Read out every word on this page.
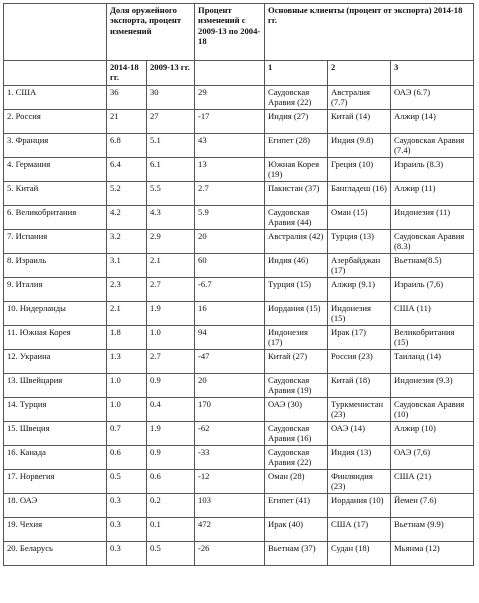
	Доля оружейного экспорта, процент изменений		Процент изменений с 2009-13 по 2004-18	Основные клиенты (процент от экспорта) 2014-18 гг.		
	2014-18 гг.	2009-13 гг.		1	2	3
1. США	36	30	29	Саудовская Аравия (22)	Австралия (7.7)	ОАЭ (6.7)
2. Россия	21	27	-17	Индия (27)	Китай (14)	Алжир (14)
3. Франция	6.8	5.1	43	Египет (28)	Индия (9.8)	Саудовская Аравия (7.4)
4. Германия	6.4	6.1	13	Южная Корея (19)	Греция (10)	Израиль (8.3)
5. Китай	5.2	5.5	2.7	Пакистан (37)	Бангладеш (16)	Алжир (11)
6. Великобритания	4.2	4.3	5.9	Саудовская Аравия (44)	Оман (15)	Индонезия (11)
7. Испания	3.2	2.9	20	Австралия (42)	Турция (13)	Саудовская Аравия (8.3)
8. Израиль	3.1	2.1	60	Индия (46)	Азербайджан (17)	Вьетнам(8.5)
9. Италия	2.3	2.7	-6.7	Турция (15)	Алжир (9.1)	Израиль (7,6)
10. Нидерланды	2.1	1.9	16	Иордания (15)	Индонезия (15)	США (11)
11. Южная Корея	1.8	1.0	94	Индонезия (17)	Ирак (17)	Великобритания (15)
12. Украина	1.3	2.7	-47	Китай (27)	Россия (23)	Таиланд (14)
13. Швейцария	1.0	0.9	20	Саудовская Аравия (19)	Китай (18)	Индонезия (9.3)
14. Турция	1.0	0.4	170	ОАЭ (30)	Туркменистан (23)	Саудовская Аравия (10)
15. Швеция	0.7	1.9	-62	Саудовская Аравия (16)	ОАЭ (14)	Алжир (10)
16. Канада	0.6	0.9	-33	Саудовская Аравия (22)	Индия (13)	ОАЭ (7,6)
17. Норвегия	0.5	0.6	-12	Оман (28)	Финляндия (23)	США (21)
18. ОАЭ	0.3	0.2	103	Египет (41)	Иордания (10)	Йемен (7.6)
19. Чехия	0.3	0.1	472	Ирак (40)	США (17)	Вьетнам (9.9)
20. Беларусь	0.3	0.5	-26	Вьетнам (37)	Судан (18)	Мьянма (12)
